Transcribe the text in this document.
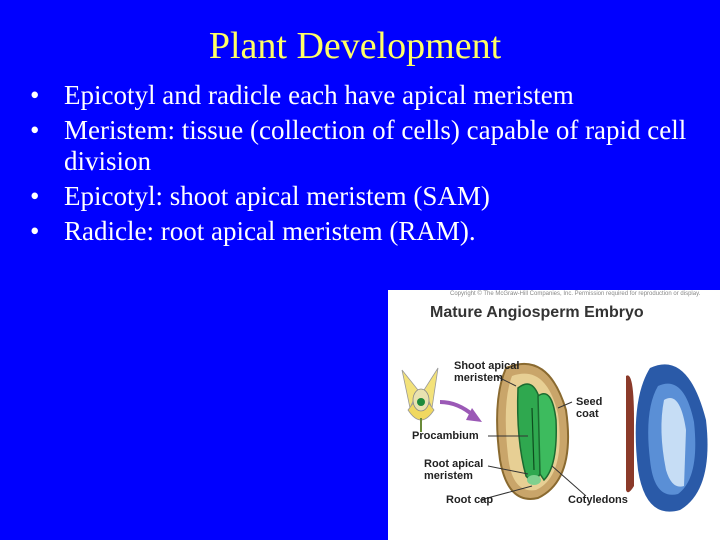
Plant Development
• Epicotyl and radicle each have apical meristem
• Meristem: tissue (collection of cells) capable of rapid cell division
• Epicotyl: shoot apical meristem (SAM)
• Radicle: root apical meristem (RAM).
Copyright © The McGraw-Hill Companies, Inc. Permission required for reproduction or display.
Mature Angiosperm Embryo
Shoot apical meristem
Seed coat
Procambium
Root apical meristem
Root cap	Cotyledons
